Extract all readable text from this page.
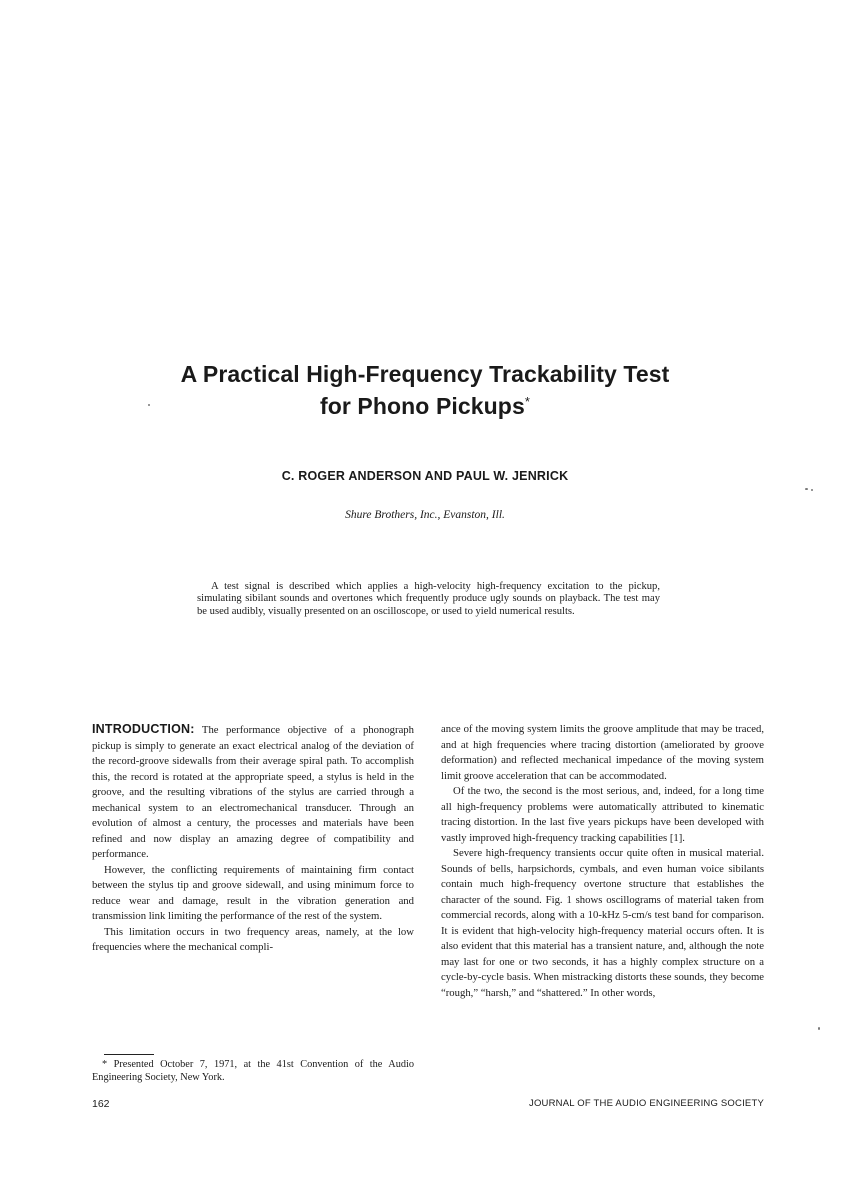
A Practical High-Frequency Trackability Test
for Phono Pickups*
C. ROGER ANDERSON AND PAUL W. JENRICK
Shure Brothers, Inc., Evanston, Ill.
A test signal is described which applies a high-velocity high-frequency excitation to the pickup, simulating sibilant sounds and overtones which frequently produce ugly sounds on playback. The test may be used audibly, visually presented on an oscilloscope, or used to yield numerical results.

INTRODUCTION: The performance objective of a phonograph pickup is simply to generate an exact electrical analog of the deviation of the record-groove sidewalls from their average spiral path. To accomplish this, the record is rotated at the appropriate speed, a stylus is held in the groove, and the resulting vibrations of the stylus are carried through a mechanical system to an electromechanical transducer. Through an evolution of almost a century, the processes and materials have been refined and now display an amazing degree of compatibility and performance.

However, the conflicting requirements of maintaining firm contact between the stylus tip and groove sidewall, and using minimum force to reduce wear and damage, result in the vibration generation and transmission link limiting the performance of the rest of the system.

This limitation occurs in two frequency areas, namely, at the low frequencies where the mechanical compli-

ance of the moving system limits the groove amplitude that may be traced, and at high frequencies where tracing distortion (ameliorated by groove deformation) and reflected mechanical impedance of the moving system limit groove acceleration that can be accommodated.

Of the two, the second is the most serious, and, indeed, for a long time all high-frequency problems were automatically attributed to kinematic tracing distortion. In the last five years pickups have been developed with vastly improved high-frequency tracking capabilities [1].

Severe high-frequency transients occur quite often in musical material. Sounds of bells, harpsichords, cymbals, and even human voice sibilants contain much high-frequency overtone structure that establishes the character of the sound. Fig. 1 shows oscillograms of material taken from commercial records, along with a 10-kHz 5-cm/s test band for comparison. It is evident that high-velocity high-frequency material occurs often. It is also evident that this material has a transient nature, and, although the note may last for one or two seconds, it has a highly complex structure on a cycle-by-cycle basis. When mistracking distorts these sounds, they become “rough,” “harsh,” and “shattered.” In other words,

* Presented October 7, 1971, at the 41st Convention of the Audio Engineering Society, New York.
162	JOURNAL OF THE AUDIO ENGINEERING SOCIETY
